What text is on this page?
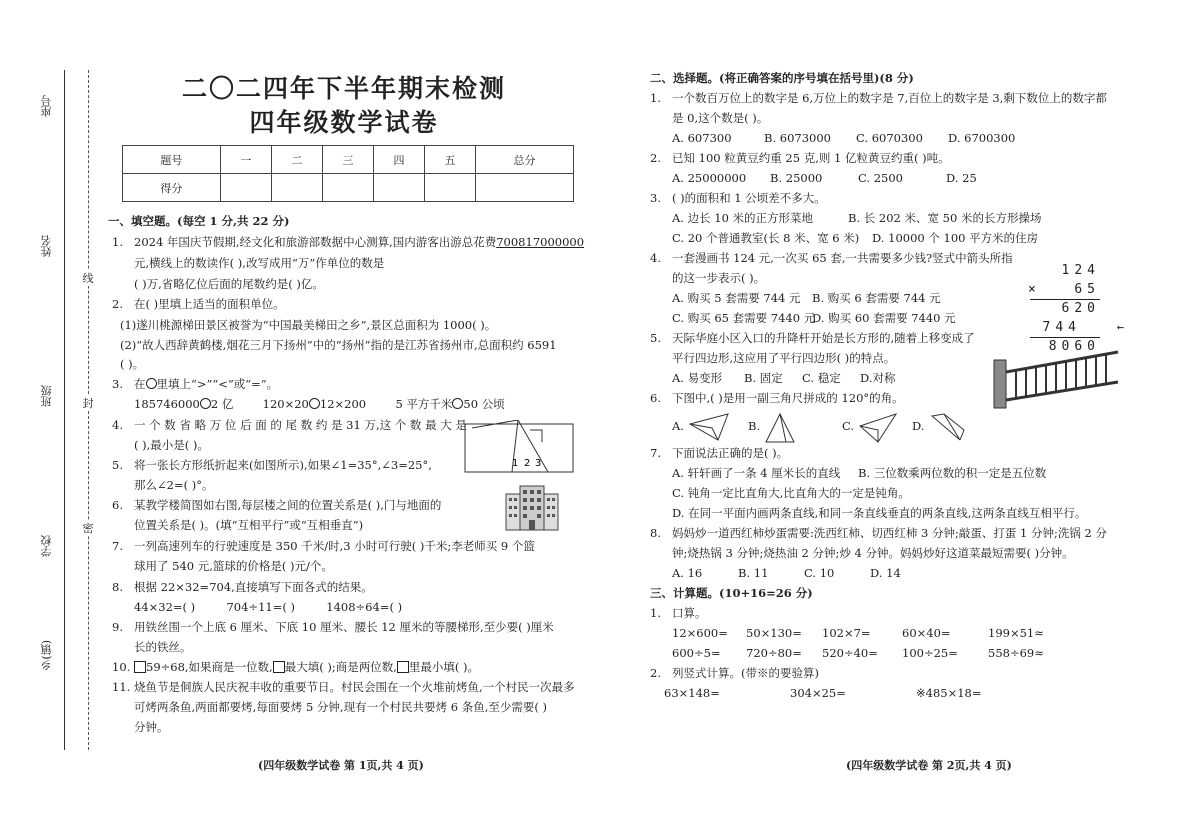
座号
姓名
班级
学校
乡(镇)
线
封
密
二〇二四年下半年期末检测
四年级数学试卷
题号	一	二	三	四	五	总分
得分						
一、填空题。(每空 1 分,共 22 分)
1. 2024 年国庆节假期,经文化和旅游部数据中心测算,国内游客出游总花费700817000000
元,横线上的数读作( ),改写成用“万”作单位的数是
( )万,省略亿位后面的尾数约是( )亿。
2. 在( )里填上适当的面积单位。
(1)遂川桃源梯田景区被誉为“中国最美梯田之乡”,景区总面积为 1000( )。
(2)“故人西辞黄鹤楼,烟花三月下扬州”中的“扬州”指的是江苏省扬州市,总面积约 6591
( )。
3. 在 里填上“>”“<”或“=”。
185746000 2 亿	120×20 12×200	5 平方千米 50 公顷
4. 一 个 数 省 略 万 位 后 面 的 尾 数 约 是 31 万,这 个 数 最 大 是
( ),最小是( )。
1 2 3
5. 将一张长方形纸折起来(如图所示),如果∠1=35°,∠3=25°,
那么∠2=( )°。
6. 某教学楼简图如右图,每层楼之间的位置关系是( ),门与地面的
位置关系是( )。(填“互相平行”或“互相垂直”)
7. 一列高速列车的行驶速度是 350 千米/时,3 小时可行驶( )千米;李老师买 9 个篮
球用了 540 元,篮球的价格是( )元/个。
8. 根据 22×32=704,直接填写下面各式的结果。
44×32=( )	704÷11=( )	1408÷64=( )
9. 用铁丝围一个上底 6 厘米、下底 10 厘米、腰长 12 厘米的等腰梯形,至少要( )厘米
长的铁丝。
10. 59÷68,如果商是一位数, 最大填( );商是两位数, 里最小填( )。
11. 烧鱼节是侗族人民庆祝丰收的重要节日。村民会围在一个火堆前烤鱼,一个村民一次最多
可烤两条鱼,两面都要烤,每面要烤 5 分钟,现有一个村民共要烤 6 条鱼,至少需要( )
分钟。
(四年级数学试卷 第 1页,共 4 页)
二、选择题。(将正确答案的序号填在括号里)(8 分)
1. 一个数百万位上的数字是 6,万位上的数字是 7,百位上的数字是 3,剩下数位上的数字都
是 0,这个数是( )。
A. 607300	B. 6073000 C. 6070300 D. 6700300
2. 已知 100 粒黄豆约重 25 克,则 1 亿粒黄豆约重( )吨。
A. 25000000 B. 25000	C. 2500	D. 25
3. ( )的面积和 1 公顷差不多大。
A. 边长 10 米的正方形菜地	B. 长 202 米、宽 50 米的长方形操场
C. 20 个普通教室(长 8 米、宽 6 米) D. 10000 个 100 平方米的住房
4. 一套漫画书 124 元,一次买 65 套,一共需要多少钱?竖式中箭头所指
的这一步表示( )。
A. 购买 5 套需要 744 元 B. 购买 6 套需要 744 元
C. 购买 65 套需要 7440 元D. 购买 60 套需要 7440 元
124
×	65
620
744
8060
←
5. 天际华庭小区入口的升降杆开始是长方形的,随着上移变成了
平行四边形,这应用了平行四边形( )的特点。
A. 易变形 B. 固定 C. 稳定 D.对称
6. 下图中,( )是用一副三角尺拼成的 120°的角。
A.	B.	C.	D.
7. 下面说法正确的是( )。
A. 轩轩画了一条 4 厘米长的直线 B. 三位数乘两位数的积一定是五位数
C. 钝角一定比直角大,比直角大的一定是钝角。
D. 在同一平面内画两条直线,和同一条直线垂直的两条直线,这两条直线互相平行。
8. 妈妈炒一道西红柿炒蛋需要:洗西红柿、切西红柿 3 分钟;敲蛋、打蛋 1 分钟;洗锅 2 分
钟;烧热锅 3 分钟;烧热油 2 分钟;炒 4 分钟。妈妈炒好这道菜最短需要( )分钟。
A. 16	B. 11	C. 10	D. 14
三、计算题。(10+16=26 分)
1. 口算。
12×600= 50×130= 102×7=	60×40=	199×51≈
600÷5= 720÷80= 520÷40= 100÷25=	558÷69≈
2. 列竖式计算。(带※的要验算)
63×148=	304×25=	※485×18=
(四年级数学试卷 第 2页,共 4 页)
